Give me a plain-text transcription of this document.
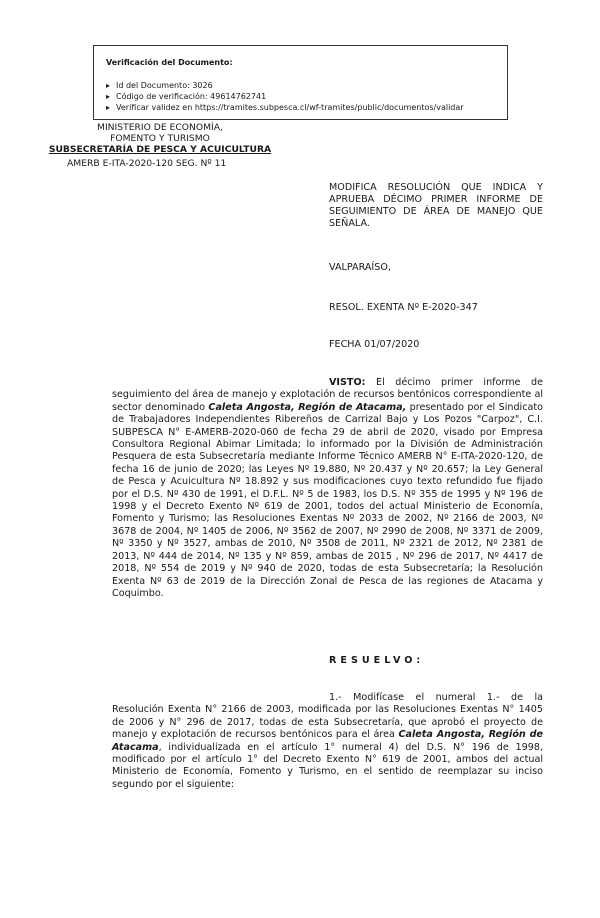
Verificación del Documento:
▸ Id del Documento: 3026
▸ Código de verificación: 49614762741
▸ Verificar validez en https://tramites.subpesca.cl/wf-tramites/public/documentos/validar
MINISTERIO DE ECONOMÍA,
FOMENTO Y TURISMO
SUBSECRETARÍA DE PESCA Y ACUICULTURA
AMERB E-ITA-2020-120 SEG. Nº 11
MODIFICA RESOLUCIÓN QUE INDICA Y APRUEBA DÉCIMO PRIMER INFORME DE SEGUIMIENTO DE ÁREA DE MANEJO QUE SEÑALA.
VALPARAÍSO,
RESOL. EXENTA Nº E-2020-347
FECHA 01/07/2020
VISTO: El décimo primer informe de seguimiento del área de manejo y explotación de recursos bentónicos correspondiente al sector denominado Caleta Angosta, Región de Atacama, presentado por el Sindicato de Trabajadores Independientes Ribereños de Carrizal Bajo y Los Pozos "Carpoz", C.I. SUBPESCA N° E-AMERB-2020-060 de fecha 29 de abril de 2020, visado por Empresa Consultora Regional Abimar Limitada; lo informado por la División de Administración Pesquera de esta Subsecretaría mediante Informe Técnico AMERB N° E-ITA-2020-120, de fecha 16 de junio de 2020; las Leyes Nº 19.880, Nº 20.437 y Nº 20.657; la Ley General de Pesca y Acuicultura Nº 18.892 y sus modificaciones cuyo texto refundido fue fijado por el D.S. Nº 430 de 1991, el D.F.L. Nº 5 de 1983, los D.S. Nº 355 de 1995 y Nº 196 de 1998 y el Decreto Exento Nº 619 de 2001, todos del actual Ministerio de Economía, Fomento y Turismo; las Resoluciones Exentas Nº 2033 de 2002, Nº 2166 de 2003, Nº 3678 de 2004, Nº 1405 de 2006, Nº 3562 de 2007, Nº 2990 de 2008, Nº 3371 de 2009, Nº 3350 y Nº 3527, ambas de 2010, Nº 3508 de 2011, Nº 2321 de 2012, Nº 2381 de 2013, Nº 444 de 2014, Nº 135 y Nº 859, ambas de 2015 , Nº 296 de 2017, Nº 4417 de 2018, Nº 554 de 2019 y Nº 940 de 2020, todas de esta Subsecretaría; la Resolución Exenta Nº 63 de 2019 de la Dirección Zonal de Pesca de las regiones de Atacama y Coquimbo.
RESUELVO:
1.- Modifícase el numeral 1.- de la Resolución Exenta N° 2166 de 2003, modificada por las Resoluciones Exentas N° 1405 de 2006 y N° 296 de 2017, todas de esta Subsecretaría, que aprobó el proyecto de manejo y explotación de recursos bentónicos para el área Caleta Angosta, Región de Atacama, individualizada en el artículo 1° numeral 4) del D.S. N° 196 de 1998, modificado por el artículo 1° del Decreto Exento N° 619 de 2001, ambos del actual Ministerio de Economía, Fomento y Turismo, en el sentido de reemplazar su inciso segundo por el siguiente:
